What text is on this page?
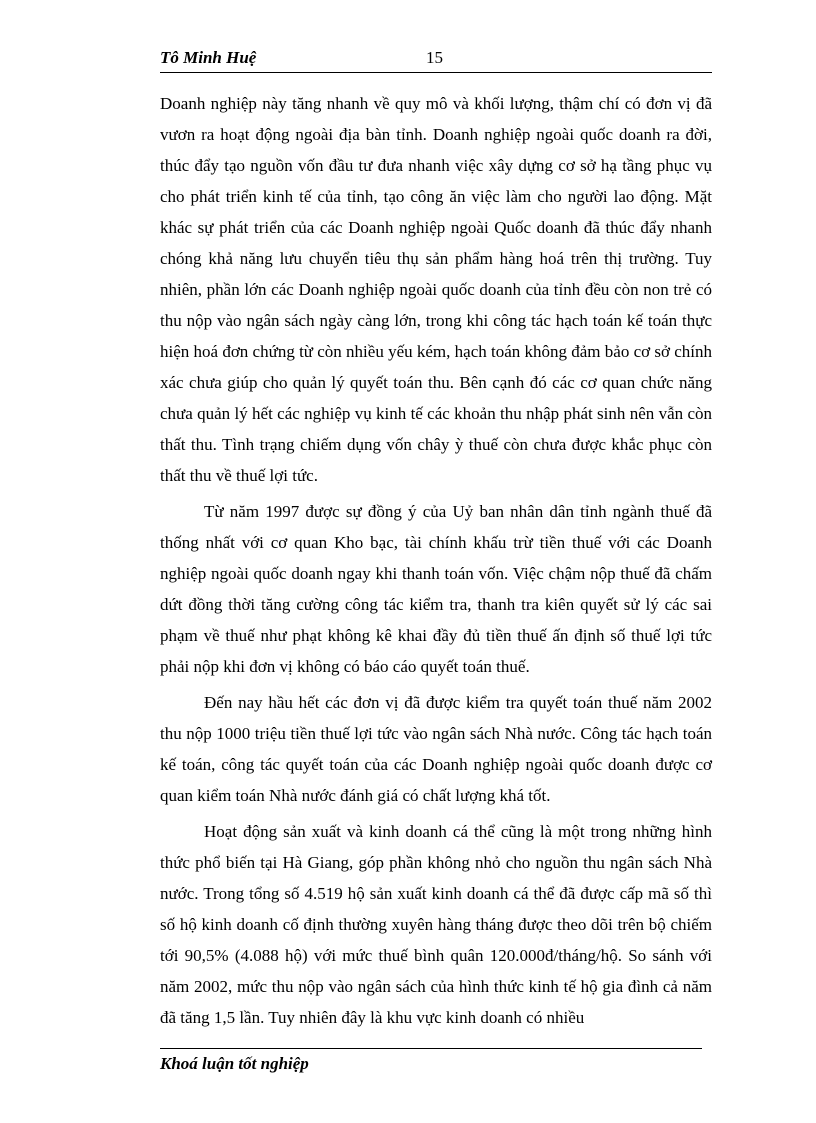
Tô Minh Huệ	15

Doanh nghiệp này tăng nhanh về quy mô và khối lượng, thậm chí có đơn vị đã vươn ra hoạt động ngoài địa bàn tỉnh. Doanh nghiệp ngoài quốc doanh ra đời, thúc đẩy tạo nguồn vốn đầu tư đưa nhanh việc xây dựng cơ sở hạ tầng phục vụ cho phát triển kinh tế của tỉnh, tạo công ăn việc làm cho người lao động. Mặt khác sự phát triển của các Doanh nghiệp ngoài Quốc doanh đã thúc đẩy nhanh chóng khả năng lưu chuyển tiêu thụ sản phẩm hàng hoá trên thị trường. Tuy nhiên, phần lớn các Doanh nghiệp ngoài quốc doanh của tỉnh đều còn non trẻ có thu nộp vào ngân sách ngày càng lớn, trong khi công tác hạch toán kế toán thực hiện hoá đơn chứng từ còn nhiều yếu kém, hạch toán không đảm bảo cơ sở chính xác chưa giúp cho quản lý quyết toán thu. Bên cạnh đó các cơ quan chức năng chưa quản lý hết các nghiệp vụ kinh tế các khoản thu nhập phát sinh nên vẫn còn thất thu. Tình trạng chiếm dụng vốn chây ỳ thuế còn chưa được khắc phục còn thất thu về thuế lợi tức.

Từ năm 1997 được sự đồng ý của Uỷ ban nhân dân tỉnh ngành thuế đã thống nhất với cơ quan Kho bạc, tài chính khấu trừ tiền thuế với các Doanh nghiệp ngoài quốc doanh ngay khi thanh toán vốn. Việc chậm nộp thuế đã chấm dứt đồng thời tăng cường công tác kiểm tra, thanh tra kiên quyết sử lý các sai phạm về thuế như phạt không kê khai đầy đủ tiền thuế ấn định số thuế lợi tức phải nộp khi đơn vị không có báo cáo quyết toán thuế.

Đến nay hầu hết các đơn vị đã được kiểm tra quyết toán thuế năm 2002 thu nộp 1000 triệu tiền thuế lợi tức vào ngân sách Nhà nước. Công tác hạch toán kế toán, công tác quyết toán của các Doanh nghiệp ngoài quốc doanh được cơ quan kiểm toán Nhà nước đánh giá có chất lượng khá tốt.

Hoạt động sản xuất và kinh doanh cá thể cũng là một trong những hình thức phổ biến tại Hà Giang, góp phần không nhỏ cho nguồn thu ngân sách Nhà nước. Trong tổng số 4.519 hộ sản xuất kinh doanh cá thể đã được cấp mã số thì số hộ kinh doanh cố định thường xuyên hàng tháng được theo dõi trên bộ chiếm tới 90,5% (4.088 hộ) với mức thuế bình quân 120.000đ/tháng/hộ. So sánh với năm 2002, mức thu nộp vào ngân sách của hình thức kinh tế hộ gia đình cả năm đã tăng 1,5 lần. Tuy nhiên đây là khu vực kinh doanh có nhiều

Khoá luận tốt nghiệp
